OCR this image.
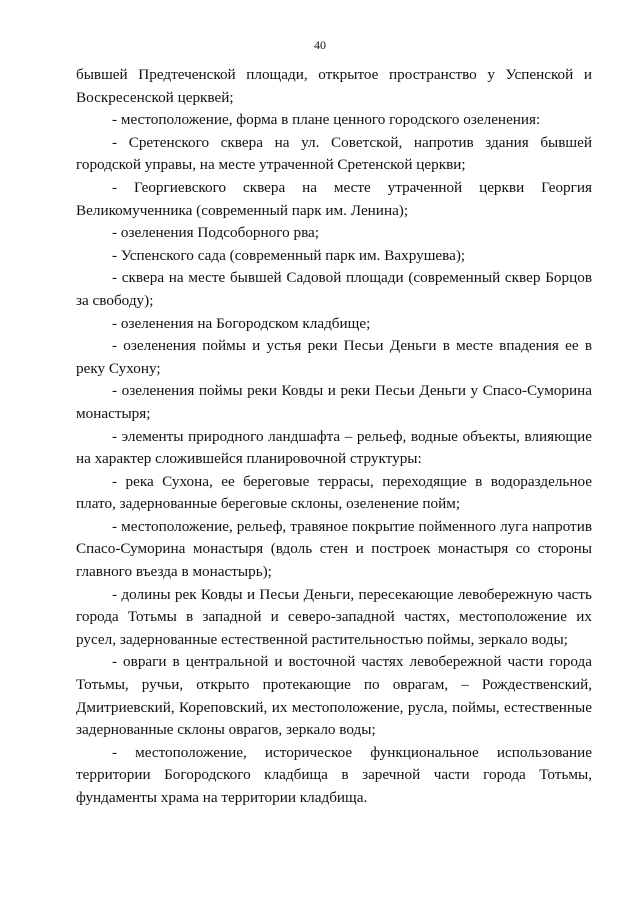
40

бывшей Предтеченской площади, открытое пространство у Успенской и Воскресенской церквей;

- местоположение, форма в плане ценного городского озеленения:

- Сретенского сквера на ул. Советской, напротив здания бывшей городской управы, на месте утраченной Сретенской церкви;

- Георгиевского сквера на месте утраченной церкви Георгия Великомученника (современный парк им. Ленина);

- озеленения Подсоборного рва;

- Успенского сада (современный парк им. Вахрушева);

- сквера на месте бывшей Садовой площади (современный сквер Борцов за свободу);

- озеленения на Богородском кладбище;

- озеленения поймы и устья реки Песьи Деньги в месте впадения ее в реку Сухону;

- озеленения поймы реки Ковды и реки Песьи Деньги у Спасо-Суморина монастыря;

- элементы природного ландшафта – рельеф, водные объекты, влияющие на характер сложившейся планировочной структуры:

- река Сухона, ее береговые террасы, переходящие в водораздельное плато, задернованные береговые склоны, озеленение пойм;

- местоположение, рельеф, травяное покрытие пойменного луга напротив Спасо-Суморина монастыря (вдоль стен и построек монастыря со стороны главного въезда в монастырь);

- долины рек Ковды и Песьи Деньги, пересекающие левобережную часть города Тотьмы в западной и северо-западной частях, местоположение их русел, задернованные естественной растительностью поймы, зеркало воды;

- овраги в центральной и восточной частях левобережной части города Тотьмы, ручьи, открыто протекающие по оврагам, – Рождественский, Дмитриевский, Кореповский, их местоположение, русла, поймы, естественные задернованные склоны оврагов, зеркало воды;

- местоположение, историческое функциональное использование территории Богородского кладбища в заречной части города Тотьмы, фундаменты храма на территории кладбища.
